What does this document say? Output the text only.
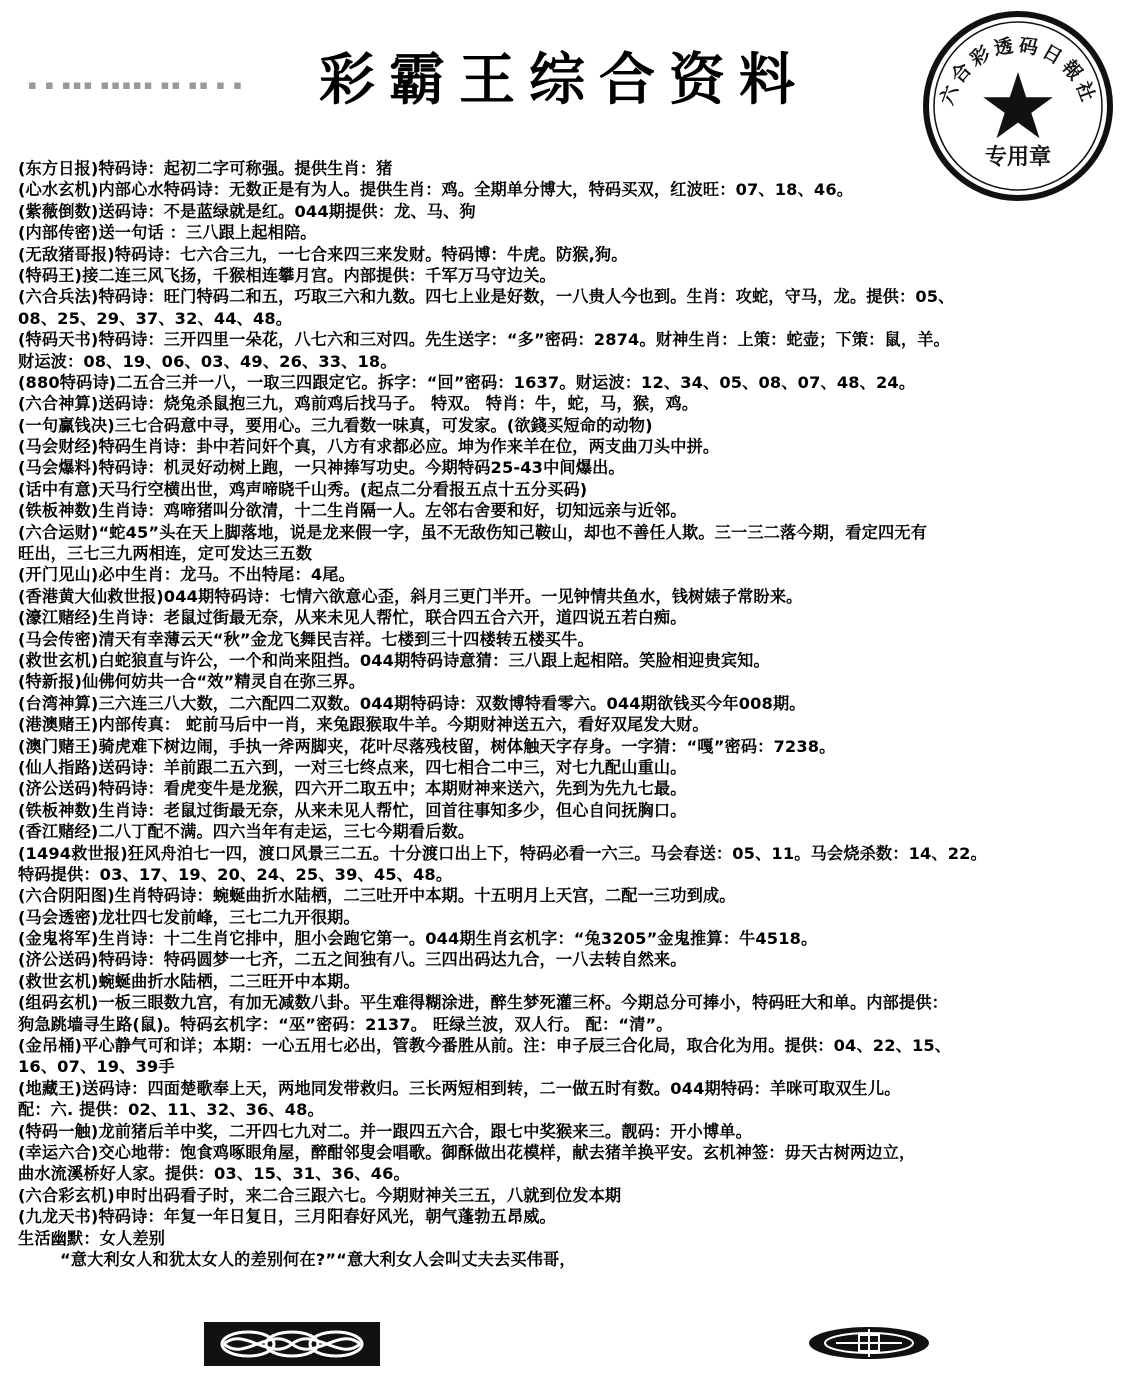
▪ ▪ ▪▪▪ ▪▪▪▪▪ ▪▪ ▪▪ ▪ ▪	彩霸王综合资料	六合彩透码日報社
专用章
(东方日报)特码诗：起初二字可称强。提供生肖：猪
(心水玄机)内部心水特码诗：无数正是有为人。提供生肖：鸡。全期单分博大，特码买双，红波旺：07、18、46。
(紫薇倒数)送码诗：不是蓝绿就是红。044期提供：龙、马、狗
(内部传密)送一句话 ：三八跟上起相陪。
(无敌猪哥报)特码诗：七六合三九，一七合来四三来发财。特码博：牛虎。防猴,狗。
(特码王)接二连三风飞扬，千猴相连攀月宫。内部提供：千军万马守边关。
(六合兵法)特码诗：旺门特码二和五，巧取三六和九数。四七上业是好数，一八贵人今也到。生肖：攻蛇，守马，龙。提供：05、
08、25、29、37、32、44、48。
(特码天书)特码诗：三开四里一朵花，八七六和三对四。先生送字：“多”密码：2874。财神生肖：上策：蛇壶；下策：鼠，羊。
财运波：08、19、06、03、49、26、33、18。
(880特码诗)二五合三并一八，一取三四跟定它。拆字：“回”密码：1637。财运波：12、34、05、08、07、48、24。
(六合神算)送码诗：烧兔杀鼠抱三九，鸡前鸡后找马子。 特双。 特肖：牛，蛇，马，猴，鸡。
(一句赢钱决)三七合码意中寻，要用心。三九看数一味真，可发家。(欲錢买短命的动物)
(马会财经)特码生肖诗：卦中若问奸个真，八方有求都必应。坤为作来羊在位，两支曲刀头中拼。
(马会爆料)特码诗：机灵好动树上跑，一只神捧写功史。今期特码25-43中间爆出。
(话中有意)天马行空横出世，鸡声啼晓千山秀。(起点二分看报五点十五分买码)
(铁板神数)生肖诗：鸡啼猪叫分欲清，十二生肖隔一人。左邻右舍要和好，切知远亲与近邻。
(六合运财)“蛇45”头在天上脚落地，说是龙来假一字，虽不无敌伤知己鞍山，却也不善任人欺。三一三二落今期，看定四无有
旺出，三七三九两相连，定可发达三五数
(开门见山)必中生肖：龙马。不出特尾：4尾。
(香港黄大仙救世报)044期特码诗：七情六欲意心歪，斜月三更门半开。一见钟情共鱼水，钱树婊子常盼来。
(濠江赌经)生肖诗：老鼠过街最无奈，从来未见人帮忙，联合四五合六开，道四说五若白痴。
(马会传密)清天有幸薄云天“秋”金龙飞舞民吉祥。七楼到三十四楼转五楼买牛。
(救世玄机)白蛇狼直与许公，一个和尚来阻挡。044期特码诗意猜：三八跟上起相陪。笑脸相迎贵宾知。
(特新报)仙佛何妨共一合“效”精灵自在弥三界。
(台湾神算)三六连三八大数，二六配四二双数。044期特码诗：双数博特看零六。044期欲钱买今年008期。
(港澳赌王)内部传真： 蛇前马后中一肖，来兔跟猴取牛羊。今期财神送五六，看好双尾发大财。
(澳门赌王)骑虎难下树边闹，手执一斧两脚夹，花叶尽落残枝留，树体触天字存身。一字猜：“嘎”密码：7238。
(仙人指路)送码诗：羊前跟二五六到，一对三七终点来，四七相合二中三，对七九配山重山。
(济公送码)特码诗：看虎变牛是龙猴，四六开二取五中；本期财神来送六，先到为先九七最。
(铁板神数)生肖诗：老鼠过街最无奈，从来未见人帮忙，回首往事知多少，但心自问抚胸口。
(香江赌经)二八丁配不满。四六当年有走运，三七今期看后数。
(1494救世报)狂风舟泊七一四，渡口风景三二五。十分渡口出上下，特码必看一六三。马会春送：05、11。马会烧杀数：14、22。
特码提供：03、17、19、20、24、25、39、45、48。
(六合阴阳图)生肖特码诗：蜿蜒曲折水陆栖，二三吐开中本期。十五明月上天宫，二配一三功到成。
(马会透密)龙壮四七发前峰，三七二九开很期。
(金鬼将军)生肖诗：十二生肖它排中，胆小会跑它第一。044期生肖玄机字：“兔3205”金鬼推算：牛4518。
(济公送码)特码诗：特码圆梦一七齐，二五之间独有八。三四出码达九合，一八去转自然来。
(救世玄机)蜿蜒曲折水陆栖，二三旺开中本期。
(组码玄机)一板三眼数九宫，有加无减数八卦。平生难得糊涂进，醉生梦死灌三杯。今期总分可捧小，特码旺大和单。内部提供：
狗急跳墙寻生路(鼠)。特码玄机字：“巫”密码：2137。 旺绿兰波，双人行。 配：“清”。
(金吊桶)平心静气可和详；本期：一心五用七必出，管教今番胜从前。注：申子辰三合化局，取合化为用。提供：04、22、15、
16、07、19、39手
(地藏王)送码诗：四面楚歌奉上天，两地同发带救归。三长两短相到转，二一做五时有数。044期特码：羊咪可取双生儿。
配：六. 提供：02、11、32、36、48。
(特码一触)龙前猪后羊中奖，二开四七九对二。并一跟四五六合，跟七中奖猴来三。靓码：开小博单。
(幸运六合)交心地带：饱食鸡啄眼角屋，醉酣邻叟会唱歌。御酥做出花模样，献去猪羊换平安。玄机神签：毋天古树两边立，
曲水流溪桥好人家。提供：03、15、31、36、46。
(六合彩玄机)申时出码看子时，来二合三跟六七。今期财神关三五，八就到位发本期
(九龙天书)特码诗：年复一年日复日，三月阳春好风光，朝气蓬勃五昂威。
生活幽默：女人差别
“意大利女人和犹太女人的差别何在?”“意大利女人会叫丈夫去买伟哥，
